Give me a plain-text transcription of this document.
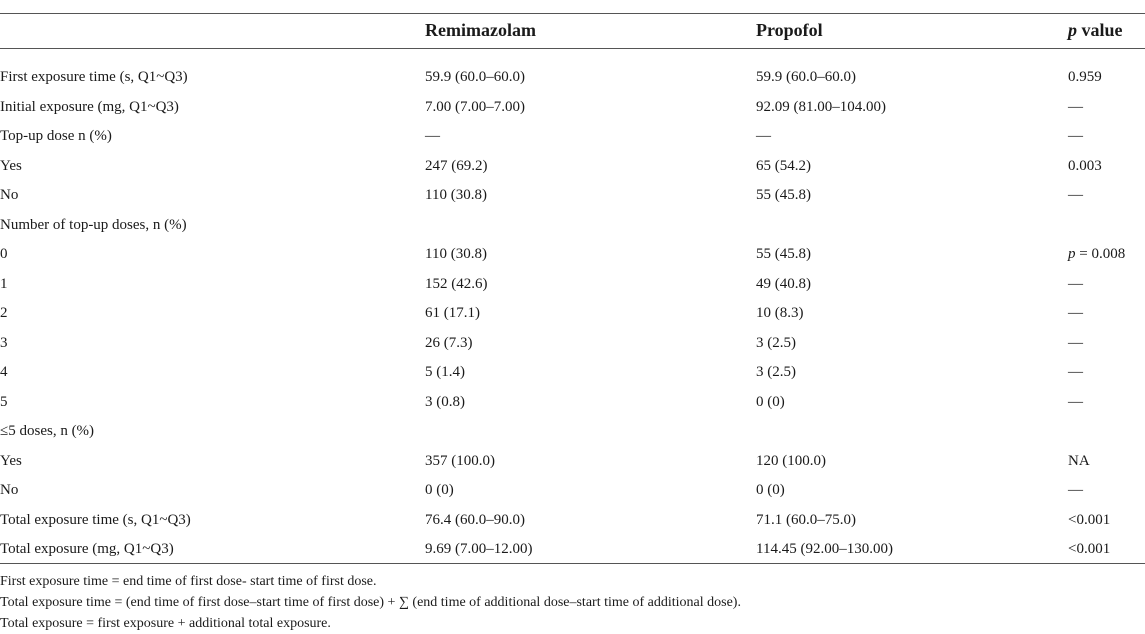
	Remimazolam	Propofol	p value

First exposure time (s, Q1~Q3)	59.9 (60.0–60.0)	59.9 (60.0–60.0)	0.959
Initial exposure (mg, Q1~Q3)	7.00 (7.00–7.00)	92.09 (81.00–104.00)	—
Top-up dose n (%)	—	—	—
Yes	247 (69.2)	65 (54.2)	0.003
No	110 (30.8)	55 (45.8)	—
Number of top-up doses, n (%)			
0	110 (30.8)	55 (45.8)	p = 0.008
1	152 (42.6)	49 (40.8)	—
2	61 (17.1)	10 (8.3)	—
3	26 (7.3)	3 (2.5)	—
4	5 (1.4)	3 (2.5)	—
5	3 (0.8)	0 (0)	—
≤5 doses, n (%)			
Yes	357 (100.0)	120 (100.0)	NA
No	0 (0)	0 (0)	—
Total exposure time (s, Q1~Q3)	76.4 (60.0–90.0)	71.1 (60.0–75.0)	<0.001
Total exposure (mg, Q1~Q3)	9.69 (7.00–12.00)	114.45 (92.00–130.00)	<0.001
First exposure time = end time of first dose- start time of first dose.
Total exposure time = (end time of first dose–start time of first dose) + ∑ (end time of additional dose–start time of additional dose).
Total exposure = first exposure + additional total exposure.
